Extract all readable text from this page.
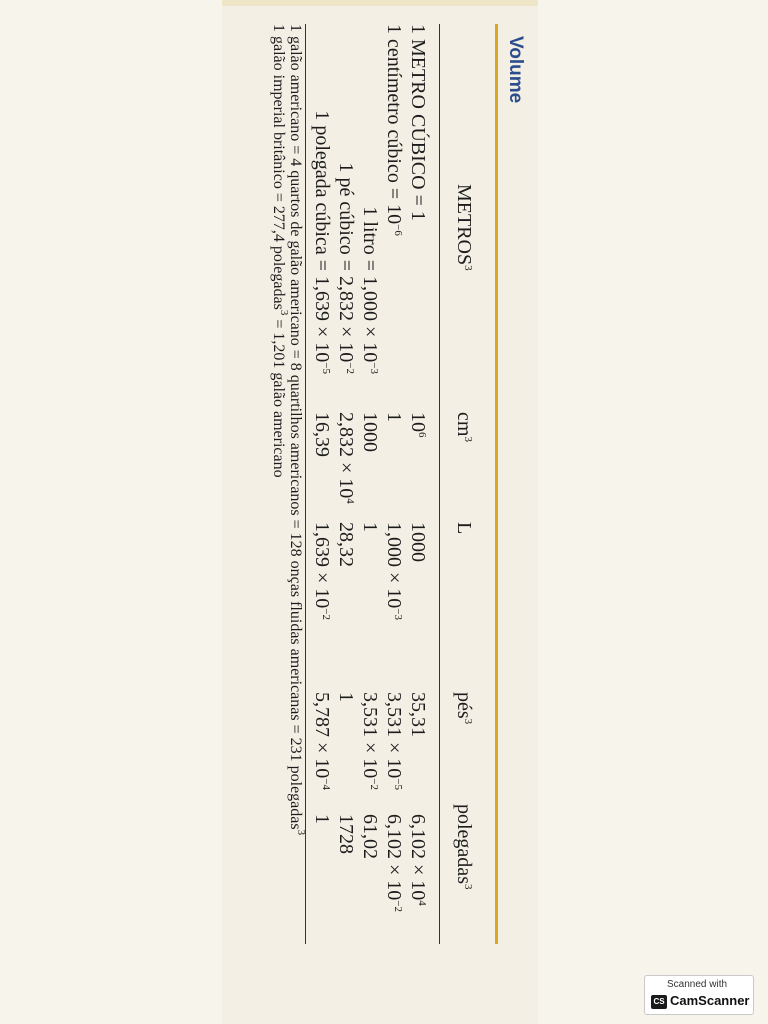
Volume
METROS$^3$
$cm^3$
L
pés$^3$
polegadas$^3$
1 METRO CÚBICO = 1
$10^6$
1000
35,31
$6,102 \times 10^4$
1 centímetro cúbico = $10^{-6}$
1
$1,000 \times 10^{-3}$
$3,531 \times 10^{-5}$
$6,102 \times 10^{-2}$
1 litro = $1,000 \times 10^{-3}$
1000
1
$3,531 \times 10^{-2}$
61,02
1 pé cúbico = $2,832 \times 10^{-2}$
$2,832 \times 10^4$
28,32
1
1728
1 polegada cúbica = $1,639 \times 10^{-5}$
16,39
$1,639 \times 10^{-2}$
$5,787 \times 10^{-4}$
1
1 galão americano = 4 quartos de galão americano = 8 quartilhos americanos = 128 onças fluidas americanas = 231 polegadas$^3$
1 galão imperial britânico = 277,4 polegadas$^3$ = 1,201 galão americano
Scanned with
CS CamScanner
